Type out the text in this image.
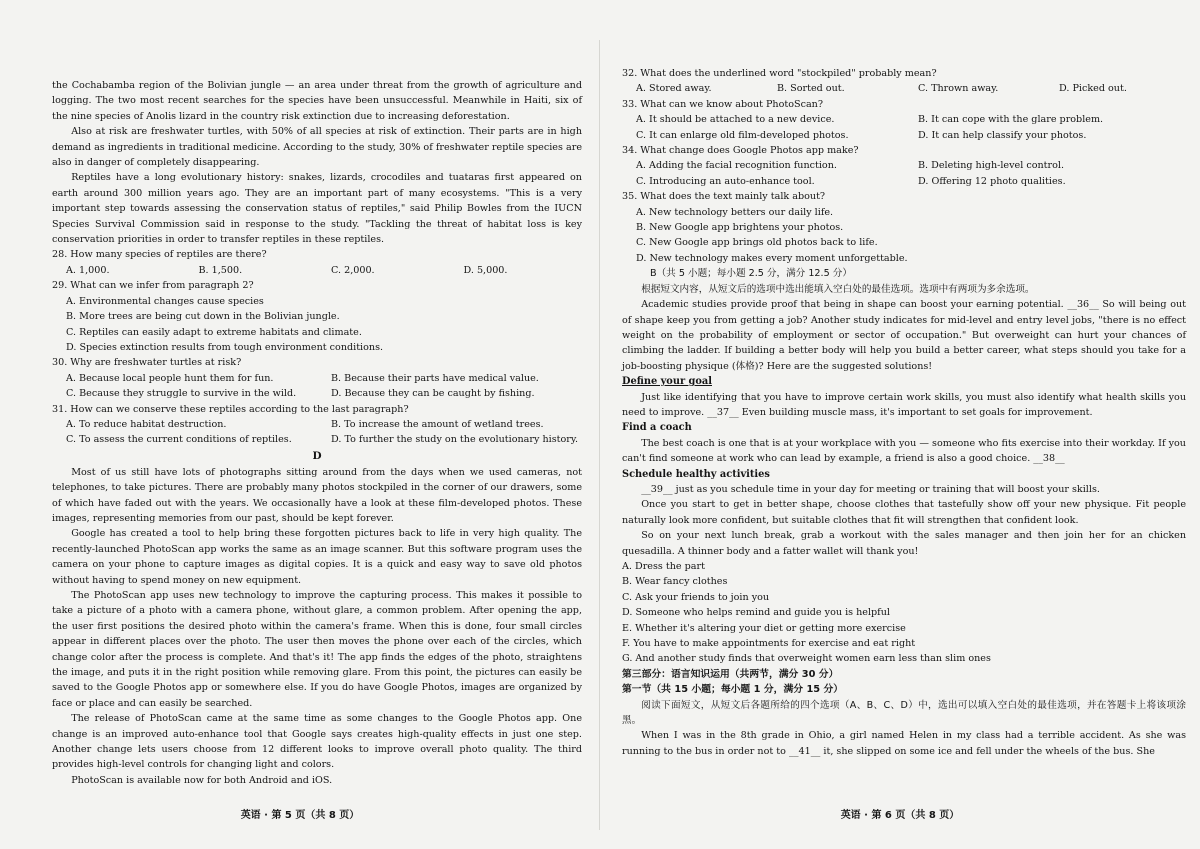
the Cochabamba region of the Bolivian jungle — an area under threat from the growth of agriculture and logging. The two most recent searches for the species have been unsuccessful. Meanwhile in Haiti, six of the nine species of Anolis lizard in the country risk extinction due to increasing deforestation.

Also at risk are freshwater turtles, with 50% of all species at risk of extinction. Their parts are in high demand as ingredients in traditional medicine. According to the study, 30% of freshwater reptile species are also in danger of completely disappearing.

Reptiles have a long evolutionary history: snakes, lizards, crocodiles and tuataras first appeared on earth around 300 million years ago. They are an important part of many ecosystems. "This is a very important step towards assessing the conservation status of reptiles," said Philip Bowles from the IUCN Species Survival Commission said in response to the study. "Tackling the threat of habitat loss is key conservation priorities in order to transfer reptiles in these reptiles.

28. How many species of reptiles are there?
A. 1,000.	B. 1,500.	C. 2,000.	D. 5,000.
29. What can we infer from paragraph 2?
A. Environmental changes cause species
B. More trees are being cut down in the Bolivian jungle.
C. Reptiles can easily adapt to extreme habitats and climate.
D. Species extinction results from tough environment conditions.
30. Why are freshwater turtles at risk?
A. Because local people hunt them for fun.	B. Because their parts have medical value.
C. Because they struggle to survive in the wild.	D. Because they can be caught by fishing.
31. How can we conserve these reptiles according to the last paragraph?
A. To reduce habitat destruction.	B. To increase the amount of wetland trees.
C. To assess the current conditions of reptiles.	D. To further the study on the evolutionary history.
D

Most of us still have lots of photographs sitting around from the days when we used cameras, not telephones, to take pictures. There are probably many photos stockpiled in the corner of our drawers, some of which have faded out with the years. We occasionally have a look at these film-developed photos. These images, representing memories from our past, should be kept forever.

Google has created a tool to help bring these forgotten pictures back to life in very high quality. The recently-launched PhotoScan app works the same as an image scanner. But this software program uses the camera on your phone to capture images as digital copies. It is a quick and easy way to save old photos without having to spend money on new equipment.

The PhotoScan app uses new technology to improve the capturing process. This makes it possible to take a picture of a photo with a camera phone, without glare, a common problem. After opening the app, the user first positions the desired photo within the camera's frame. When this is done, four small circles appear in different places over the photo. The user then moves the phone over each of the circles, which change color after the process is complete. And that's it! The app finds the edges of the photo, straightens the image, and puts it in the right position while removing glare. From this point, the pictures can easily be saved to the Google Photos app or somewhere else. If you do have Google Photos, images are organized by face or place and can easily be searched.

The release of PhotoScan came at the same time as some changes to the Google Photos app. One change is an improved auto-enhance tool that Google says creates high-quality effects in just one step. Another change lets users choose from 12 different looks to improve overall photo quality. The third provides high-level controls for changing light and colors.

PhotoScan is available now for both Android and iOS.

英语 · 第 5 页（共 8 页）
32. What does the underlined word "stockpiled" probably mean?
A. Stored away.	B. Sorted out.	C. Thrown away.	D. Picked out.
33. What can we know about PhotoScan?
A. It should be attached to a new device.	B. It can cope with the glare problem.
C. It can enlarge old film-developed photos.	D. It can help classify your photos.
34. What change does Google Photos app make?
A. Adding the facial recognition function.	B. Deleting high-level control.
C. Introducing an auto-enhance tool.	D. Offering 12 photo qualities.
35. What does the text mainly talk about?
A. New technology betters our daily life.
B. New Google app brightens your photos.
C. New Google app brings old photos back to life.
D. New technology makes every moment unforgettable.
B（共 5 小题；每小题 2.5 分，满分 12.5 分）

根据短文内容，从短文后的选项中选出能填入空白处的最佳选项。选项中有两项为多余选项。

Academic studies provide proof that being in shape can boost your earning potential. __36__ So will being out of shape keep you from getting a job? Another study indicates for mid-level and entry level jobs, "there is no effect weight on the probability of employment or sector of occupation." But overweight can hurt your chances of climbing the ladder. If building a better body will help you build a better career, what steps should you take for a job-boosting physique (体格)? Here are the suggested solutions!

Define your goal

Just like identifying that you have to improve certain work skills, you must also identify what health skills you need to improve. __37__ Even building muscle mass, it's important to set goals for improvement.

Find a coach

The best coach is one that is at your workplace with you — someone who fits exercise into their workday. If you can't find someone at work who can lead by example, a friend is also a good choice. __38__

Schedule healthy activities

__39__ just as you schedule time in your day for meeting or training that will boost your skills.

Once you start to get in better shape, choose clothes that tastefully show off your new physique. Fit people naturally look more confident, but suitable clothes that fit will strengthen that confident look.

So on your next lunch break, grab a workout with the sales manager and then join her for an chicken quesadilla. A thinner body and a fatter wallet will thank you!

A. Dress the part
B. Wear fancy clothes
C. Ask your friends to join you
D. Someone who helps remind and guide you is helpful
E. Whether it's altering your diet or getting more exercise
F. You have to make appointments for exercise and eat right
G. And another study finds that overweight women earn less than slim ones
第三部分：语言知识运用（共两节，满分 30 分）
第一节（共 15 小题；每小题 1 分，满分 15 分）

阅读下面短文，从短文后各题所给的四个选项（A、B、C、D）中，选出可以填入空白处的最佳选项，并在答题卡上将该项涂黑。

When I was in the 8th grade in Ohio, a girl named Helen in my class had a terrible accident. As she was running to the bus in order not to __41__ it, she slipped on some ice and fell under the wheels of the bus. She

英语 · 第 6 页（共 8 页）
